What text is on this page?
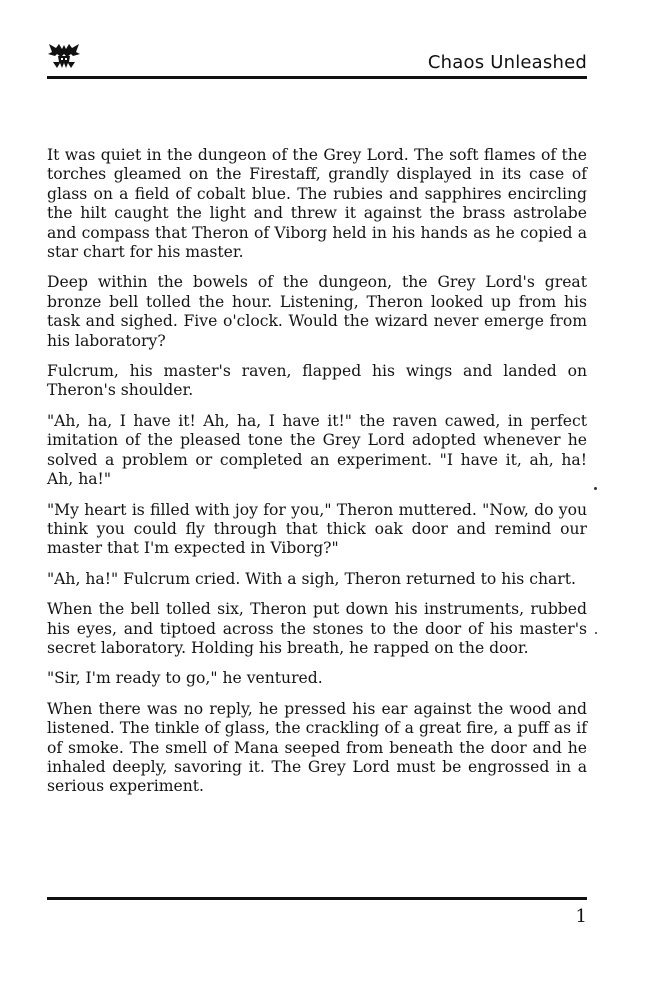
Chaos Unleashed

It was quiet in the dungeon of the Grey Lord. The soft flames of the torches gleamed on the Firestaff, grandly displayed in its case of glass on a field of cobalt blue. The rubies and sapphires encircling the hilt caught the light and threw it against the brass astrolabe and compass that Theron of Viborg held in his hands as he copied a star chart for his master.

Deep within the bowels of the dungeon, the Grey Lord's great bronze bell tolled the hour. Listening, Theron looked up from his task and sighed. Five o'clock. Would the wizard never emerge from his laboratory?

Fulcrum, his master's raven, flapped his wings and landed on Theron's shoulder.

"Ah, ha, I have it! Ah, ha, I have it!" the raven cawed, in perfect imitation of the pleased tone the Grey Lord adopted whenever he solved a problem or completed an experiment. "I have it, ah, ha! Ah, ha!"

"My heart is filled with joy for you," Theron muttered. "Now, do you think you could fly through that thick oak door and remind our master that I'm expected in Viborg?"

"Ah, ha!" Fulcrum cried. With a sigh, Theron returned to his chart.

When the bell tolled six, Theron put down his instruments, rubbed his eyes, and tiptoed across the stones to the door of his master's secret laboratory. Holding his breath, he rapped on the door.

"Sir, I'm ready to go," he ventured.

When there was no reply, he pressed his ear against the wood and listened. The tinkle of glass, the crackling of a great fire, a puff as if of smoke. The smell of Mana seeped from beneath the door and he inhaled deeply, savoring it. The Grey Lord must be engrossed in a serious experiment.

1
